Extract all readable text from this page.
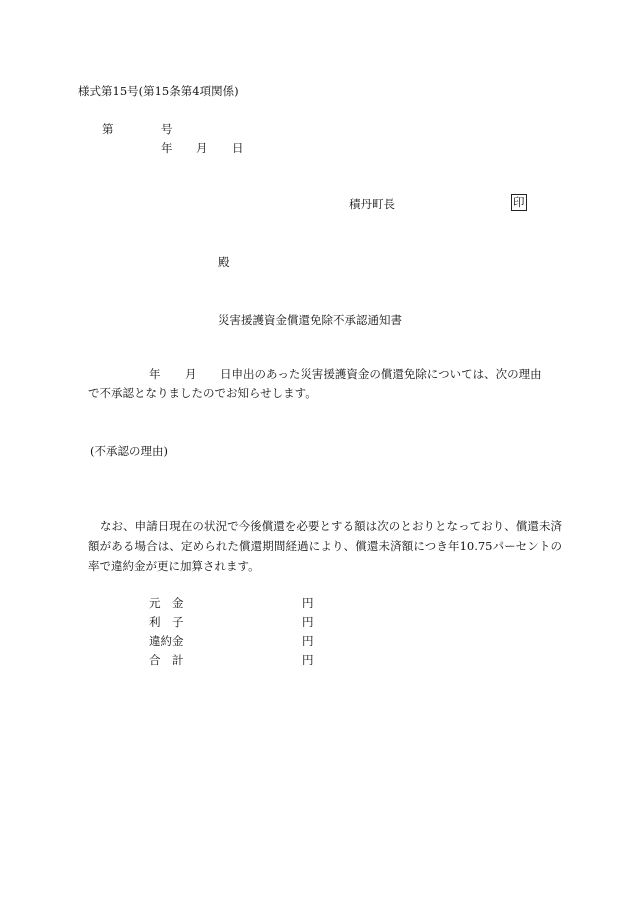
様式第15号(第15条第4項関係)
第	号
年 月 日
積丹町長	印
殿
災害援護資金償還免除不承認通知書
年 月 日申出のあった災害援護資金の償還免除については、次の理由
で不承認となりましたのでお知らせします。
(不承認の理由)
なお、申請日現在の状況で今後償還を必要とする額は次のとおりとなっており、償還未済額がある場合は、定められた償還期間経過により、償還未済額につき年10.75パーセントの率で違約金が更に加算されます。
元　金	円
利　子	円
違約金	円
合　計	円
